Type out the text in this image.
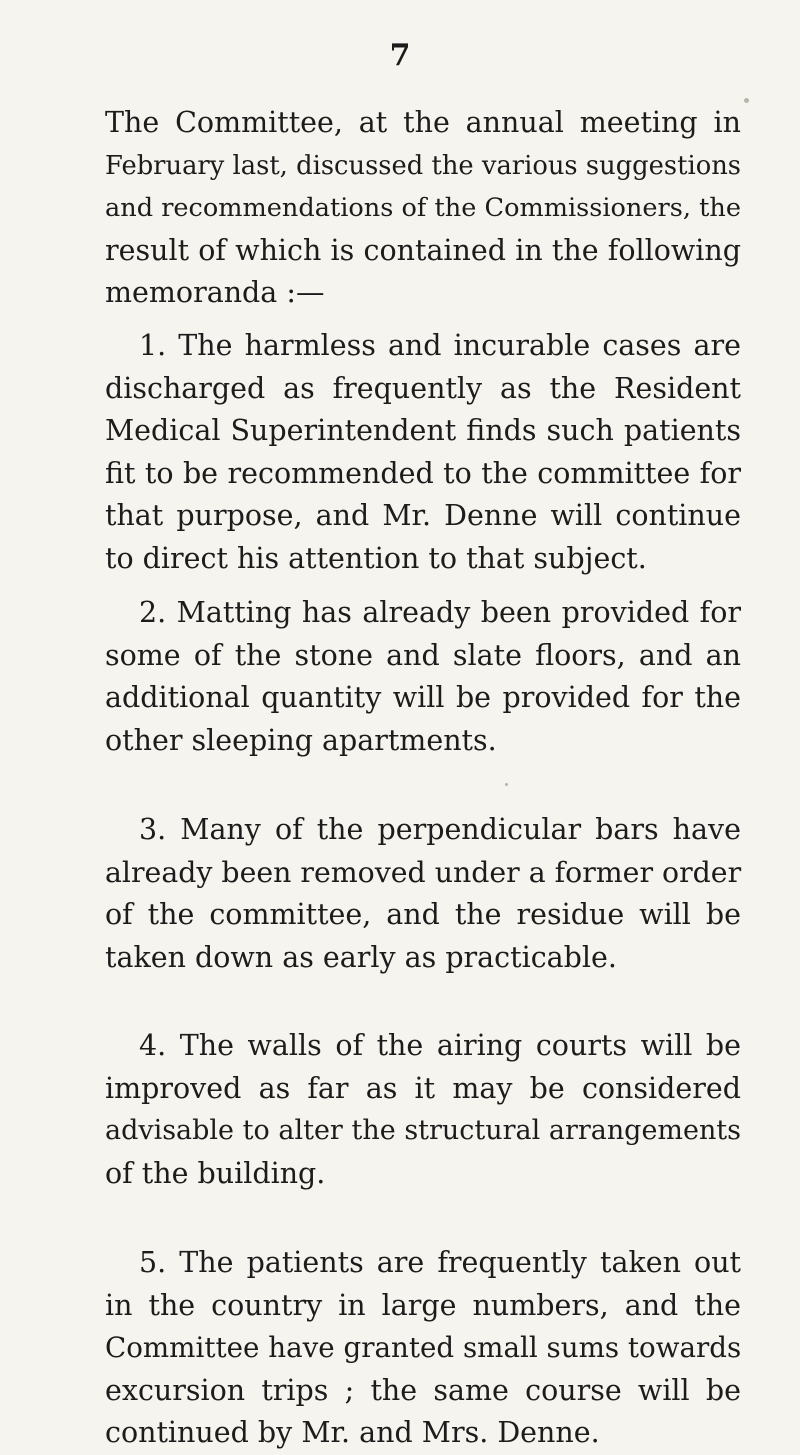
7
The Committee, at the annual meeting in
February last, discussed the various suggestions
and recommendations of the Commissioners, the
result of which is contained in the following
memoranda :—
1. The harmless and incurable cases are
discharged as frequently as the Resident
Medical Superintendent finds such patients
fit to be recommended to the committee for
that purpose, and Mr. Denne will continue
to direct his attention to that subject.
2. Matting has already been provided for
some of the stone and slate floors, and an
additional quantity will be provided for the
other sleeping apartments.
3. Many of the perpendicular bars have
already been removed under a former order
of the committee, and the residue will be
taken down as early as practicable.
4. The walls of the airing courts will be
improved as far as it may be considered
advisable to alter the structural arrangements
of the building.
5. The patients are frequently taken out
in the country in large numbers, and the
Committee have granted small sums towards
excursion trips ; the same course will be
continued by Mr. and Mrs. Denne.
